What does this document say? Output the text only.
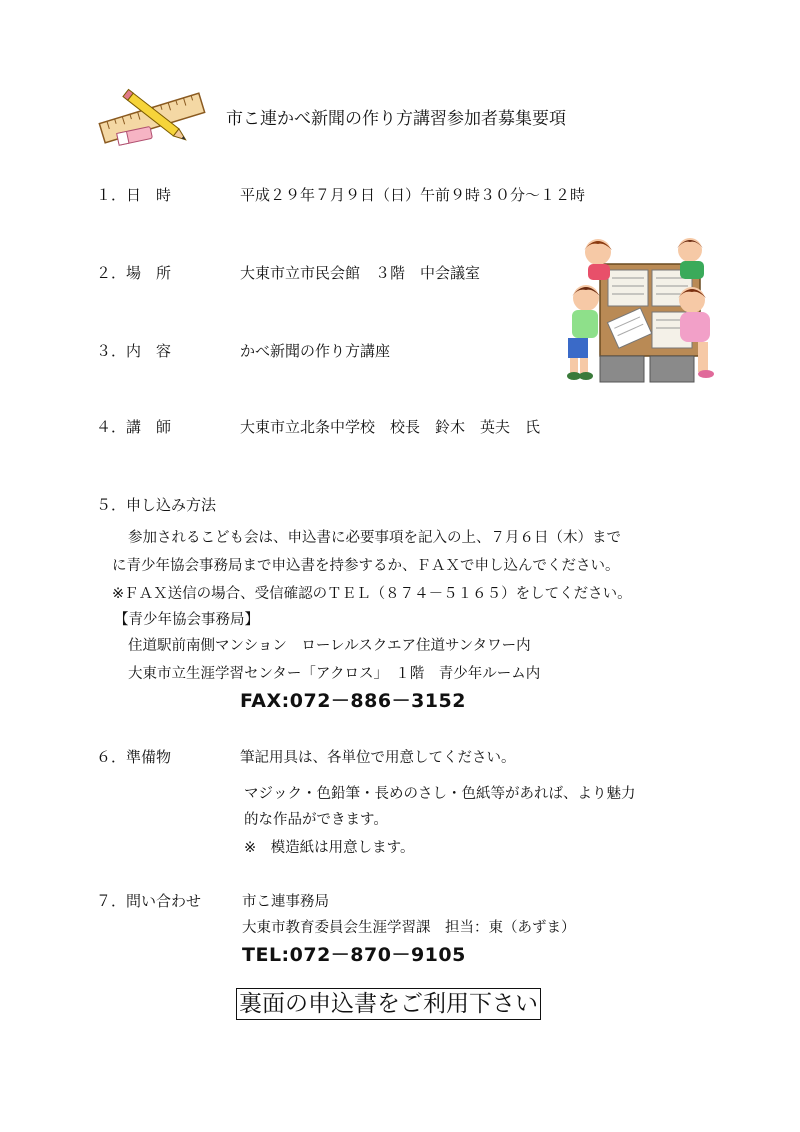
市こ連かべ新聞の作り方講習参加者募集要項
１．日　時	平成２９年７月９日（日）午前９時３０分～１２時
２．場　所	大東市立市民会館　３階　中会議室
３．内　容	かべ新聞の作り方講座
４．講　師	大東市立北条中学校　校長　鈴木　英夫　氏
５．申し込み方法
参加されるこども会は、申込書に必要事項を記入の上、７月６日（木）まで
に青少年協会事務局まで申込書を持参するか、ＦＡＸで申し込んでください。
※ＦＡＸ送信の場合、受信確認のＴＥＬ（８７４－５１６５）をしてください。
【青少年協会事務局】
住道駅前南側マンション　ローレルスクエア住道サンタワー内
大東市立生涯学習センター「アクロス」　１階　青少年ルーム内
FAX:072－886－3152
６．準備物	筆記用具は、各単位で用意してください。
マジック・色鉛筆・長めのさし・色紙等があれば、より魅力
的な作品ができます。
※　模造紙は用意します。
７．問い合わせ	市こ連事務局
大東市教育委員会生涯学習課　担当：東（あずま）
TEL:072－870－9105
裏面の申込書をご利用下さい
